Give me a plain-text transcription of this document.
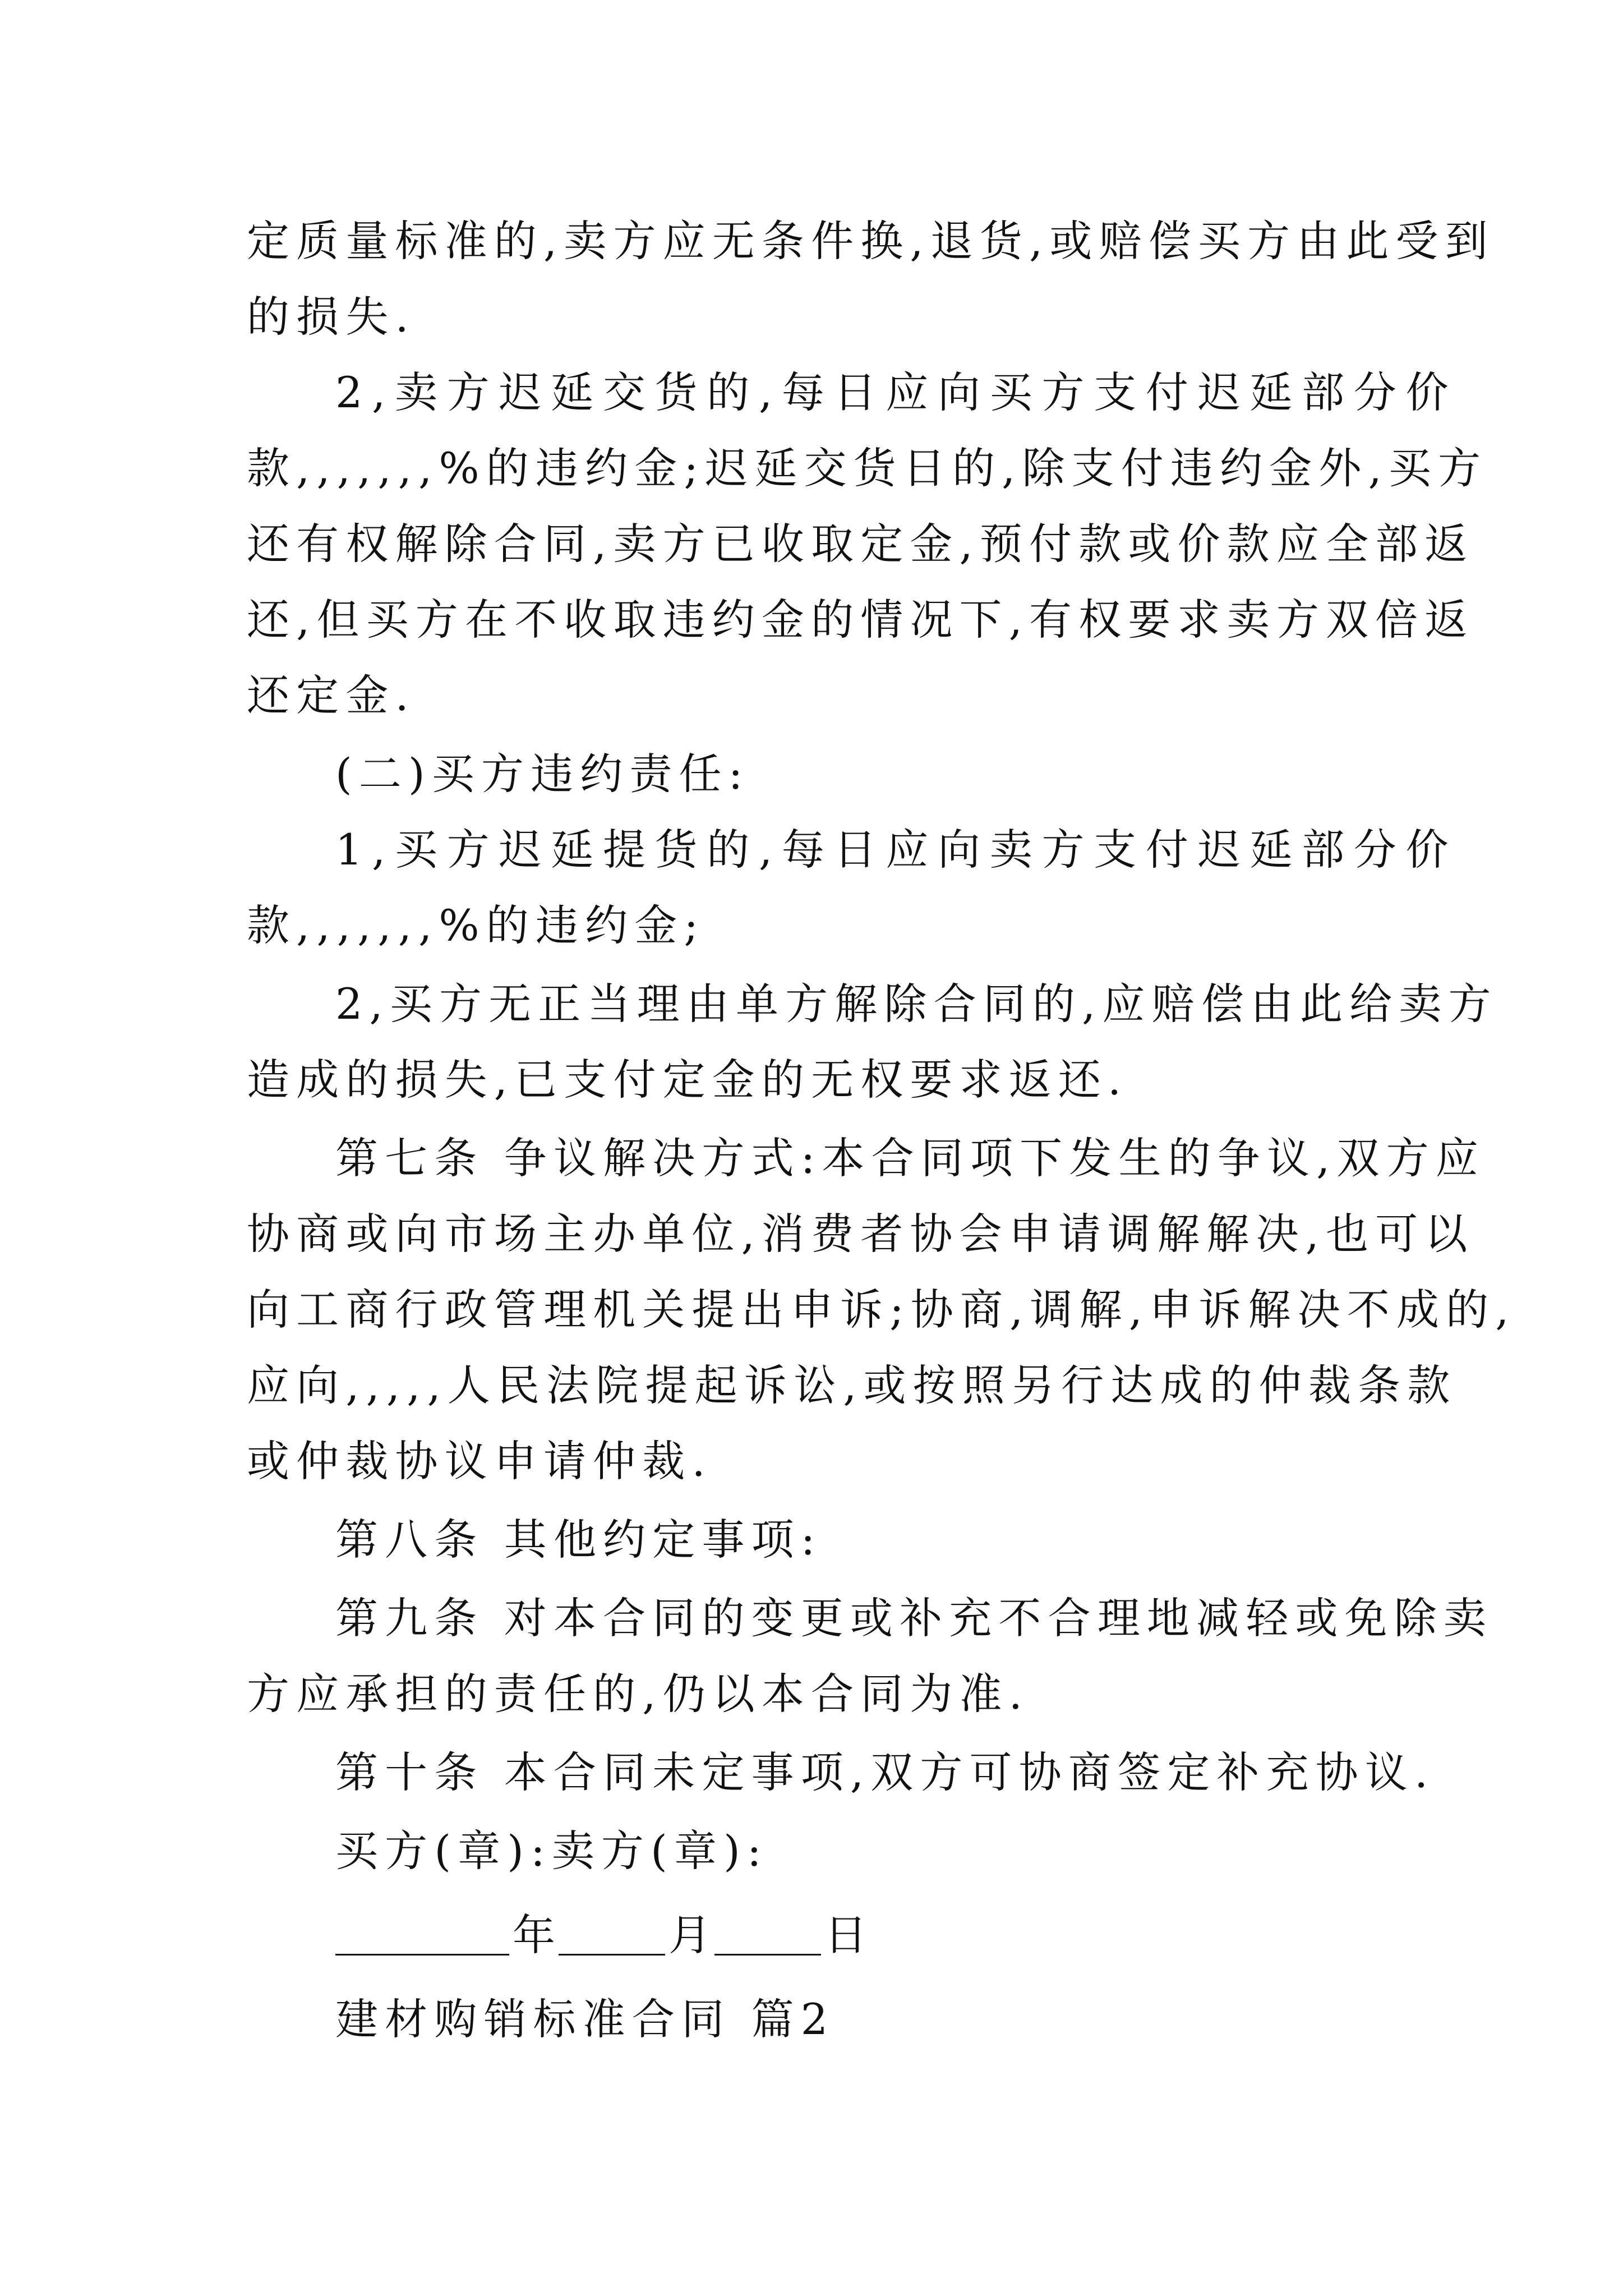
定质量标准的,卖方应无条件换,退货,或赔偿买方由此受到
的损失.
2,卖方迟延交货的,每日应向买方支付迟延部分价
款,,,,,,,%的违约金;迟延交货日的,除支付违约金外,买方
还有权解除合同,卖方已收取定金,预付款或价款应全部返
还,但买方在不收取违约金的情况下,有权要求卖方双倍返
还定金.
(二)买方违约责任:
1,买方迟延提货的,每日应向卖方支付迟延部分价
款,,,,,,,%的违约金;
2,买方无正当理由单方解除合同的,应赔偿由此给卖方
造成的损失,已支付定金的无权要求返还.
第七条 争议解决方式:本合同项下发生的争议,双方应
协商或向市场主办单位,消费者协会申请调解解决,也可以
向工商行政管理机关提出申诉;协商,调解,申诉解决不成的,
应向,,,,,人民法院提起诉讼,或按照另行达成的仲裁条款
或仲裁协议申请仲裁.
第八条 其他约定事项:
第九条 对本合同的变更或补充不合理地减轻或免除卖
方应承担的责任的,仍以本合同为准.
第十条 本合同未定事项,双方可协商签定补充协议.
买方(章):卖方(章):
年	月	日
建材购销标准合同 篇2
